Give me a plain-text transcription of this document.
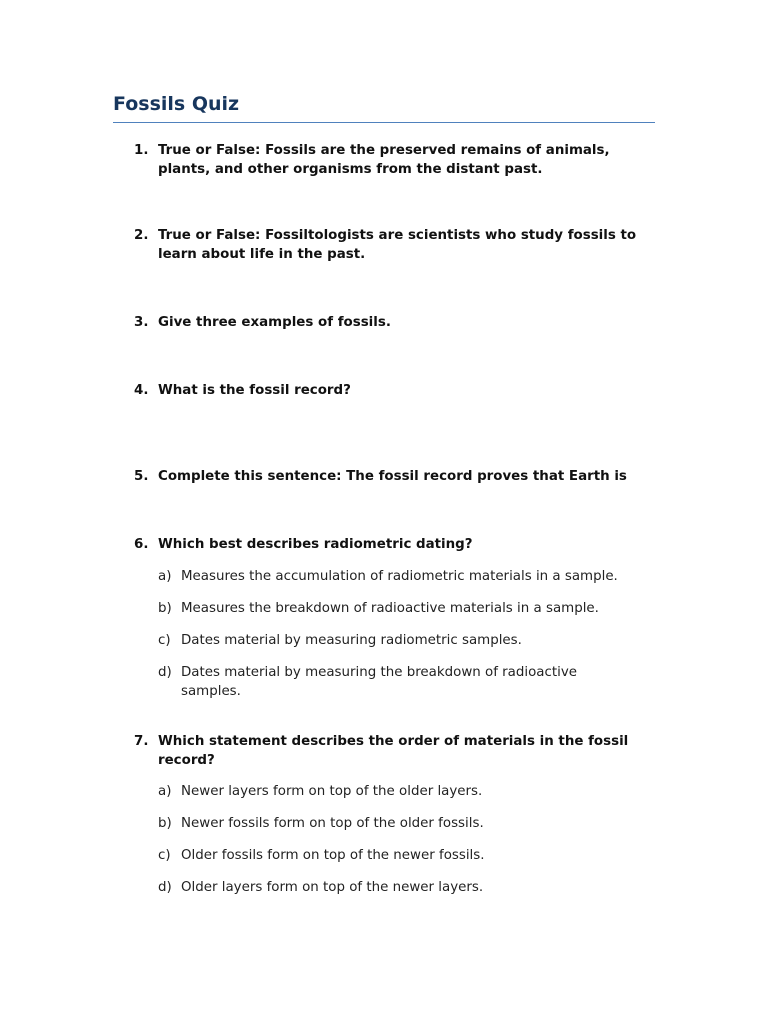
Fossils Quiz
1. True or False: Fossils are the preserved remains of animals,
plants, and other organisms from the distant past.
2. True or False: Fossiltologists are scientists who study fossils to
learn about life in the past.
3. Give three examples of fossils.
4. What is the fossil record?
5. Complete this sentence: The fossil record proves that Earth is
6. Which best describes radiometric dating?
a) Measures the accumulation of radiometric materials in a sample.
b) Measures the breakdown of radioactive materials in a sample.
c) Dates material by measuring radiometric samples.
d) Dates material by measuring the breakdown of radioactive
samples.
7. Which statement describes the order of materials in the fossil
record?
a) Newer layers form on top of the older layers.
b) Newer fossils form on top of the older fossils.
c) Older fossils form on top of the newer fossils.
d) Older layers form on top of the newer layers.
